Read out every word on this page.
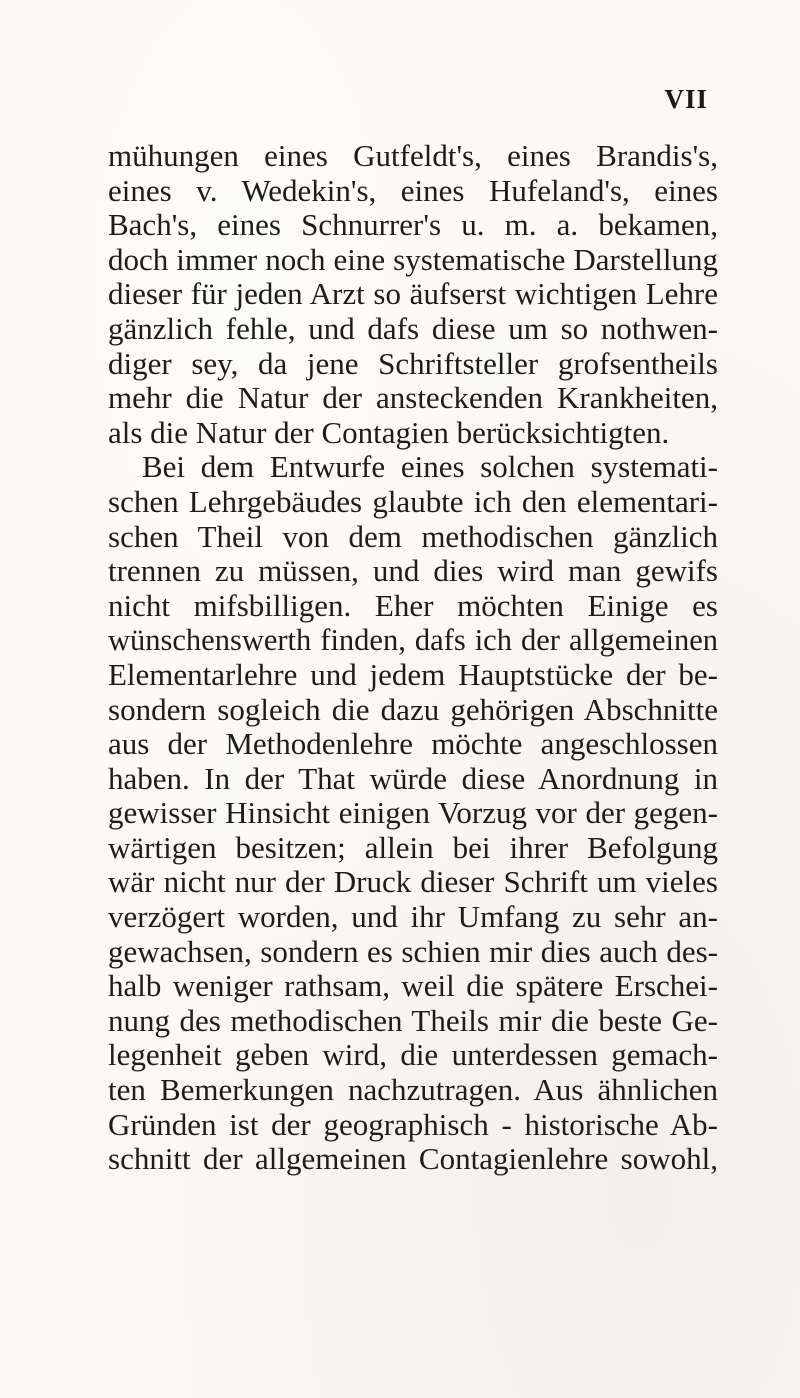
VII
mühungen eines Gutfeldt's, eines Brandis's,
eines v. Wedekin's, eines Hufeland's, eines
Bach's, eines Schnurrer's u. m. a. bekamen,
doch immer noch eine systematische Darstellung
dieser für jeden Arzt so äufserst wichtigen Lehre
gänzlich fehle, und dafs diese um so nothwen-
diger sey, da jene Schriftsteller grofsentheils
mehr die Natur der ansteckenden Krankheiten,
als die Natur der Contagien berücksichtigten.
Bei dem Entwurfe eines solchen systemati-
schen Lehrgebäudes glaubte ich den elementari-
schen Theil von dem methodischen gänzlich
trennen zu müssen, und dies wird man gewifs
nicht mifsbilligen. Eher möchten Einige es
wünschenswerth finden, dafs ich der allgemeinen
Elementarlehre und jedem Hauptstücke der be-
sondern sogleich die dazu gehörigen Abschnitte
aus der Methodenlehre möchte angeschlossen
haben. In der That würde diese Anordnung in
gewisser Hinsicht einigen Vorzug vor der gegen-
wärtigen besitzen; allein bei ihrer Befolgung
wär nicht nur der Druck dieser Schrift um vieles
verzögert worden, und ihr Umfang zu sehr an-
gewachsen, sondern es schien mir dies auch des-
halb weniger rathsam, weil die spätere Erschei-
nung des methodischen Theils mir die beste Ge-
legenheit geben wird, die unterdessen gemach-
ten Bemerkungen nachzutragen. Aus ähnlichen
Gründen ist der geographisch - historische Ab-
schnitt der allgemeinen Contagienlehre sowohl,
